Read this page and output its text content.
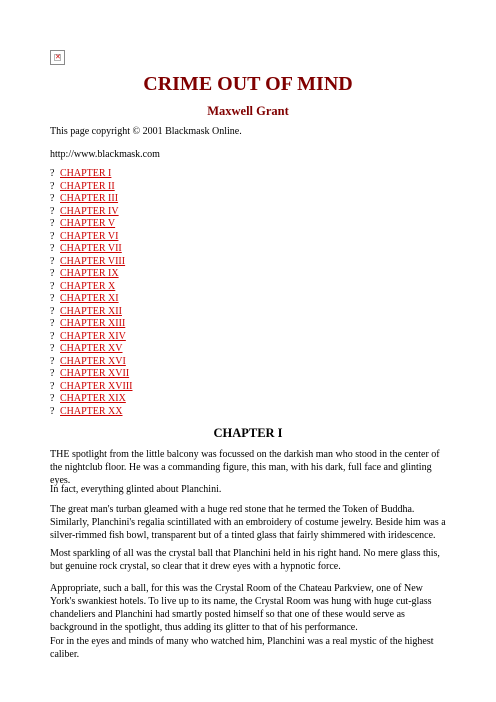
✕
CRIME OUT OF MIND
Maxwell Grant
This page copyright © 2001 Blackmask Online.
http://www.blackmask.com
? CHAPTER I
? CHAPTER II
? CHAPTER III
? CHAPTER IV
? CHAPTER V
? CHAPTER VI
? CHAPTER VII
? CHAPTER VIII
? CHAPTER IX
? CHAPTER X
? CHAPTER XI
? CHAPTER XII
? CHAPTER XIII
? CHAPTER XIV
? CHAPTER XV
? CHAPTER XVI
? CHAPTER XVII
? CHAPTER XVIII
? CHAPTER XIX
? CHAPTER XX
CHAPTER I

THE spotlight from the little balcony was focussed on the darkish man who stood in the center of the nightclub floor. He was a commanding figure, this man, with his dark, full face and glinting eyes.

In fact, everything glinted about Planchini.

The great man's turban gleamed with a huge red stone that he termed the Token of Buddha. Similarly, Planchini's regalia scintillated with an embroidery of costume jewelry. Beside him was a silver-rimmed fish bowl, transparent but of a tinted glass that fairly shimmered with iridescence.

Most sparkling of all was the crystal ball that Planchini held in his right hand. No mere glass this, but genuine rock crystal, so clear that it drew eyes with a hypnotic force.

Appropriate, such a ball, for this was the Crystal Room of the Chateau Parkview, one of New York's swankiest hotels. To live up to its name, the Crystal Room was hung with huge cut-glass chandeliers and Planchini had smartly posted himself so that one of these would serve as background in the spotlight, thus adding its glitter to that of his performance.

For in the eyes and minds of many who watched him, Planchini was a real mystic of the highest caliber.
